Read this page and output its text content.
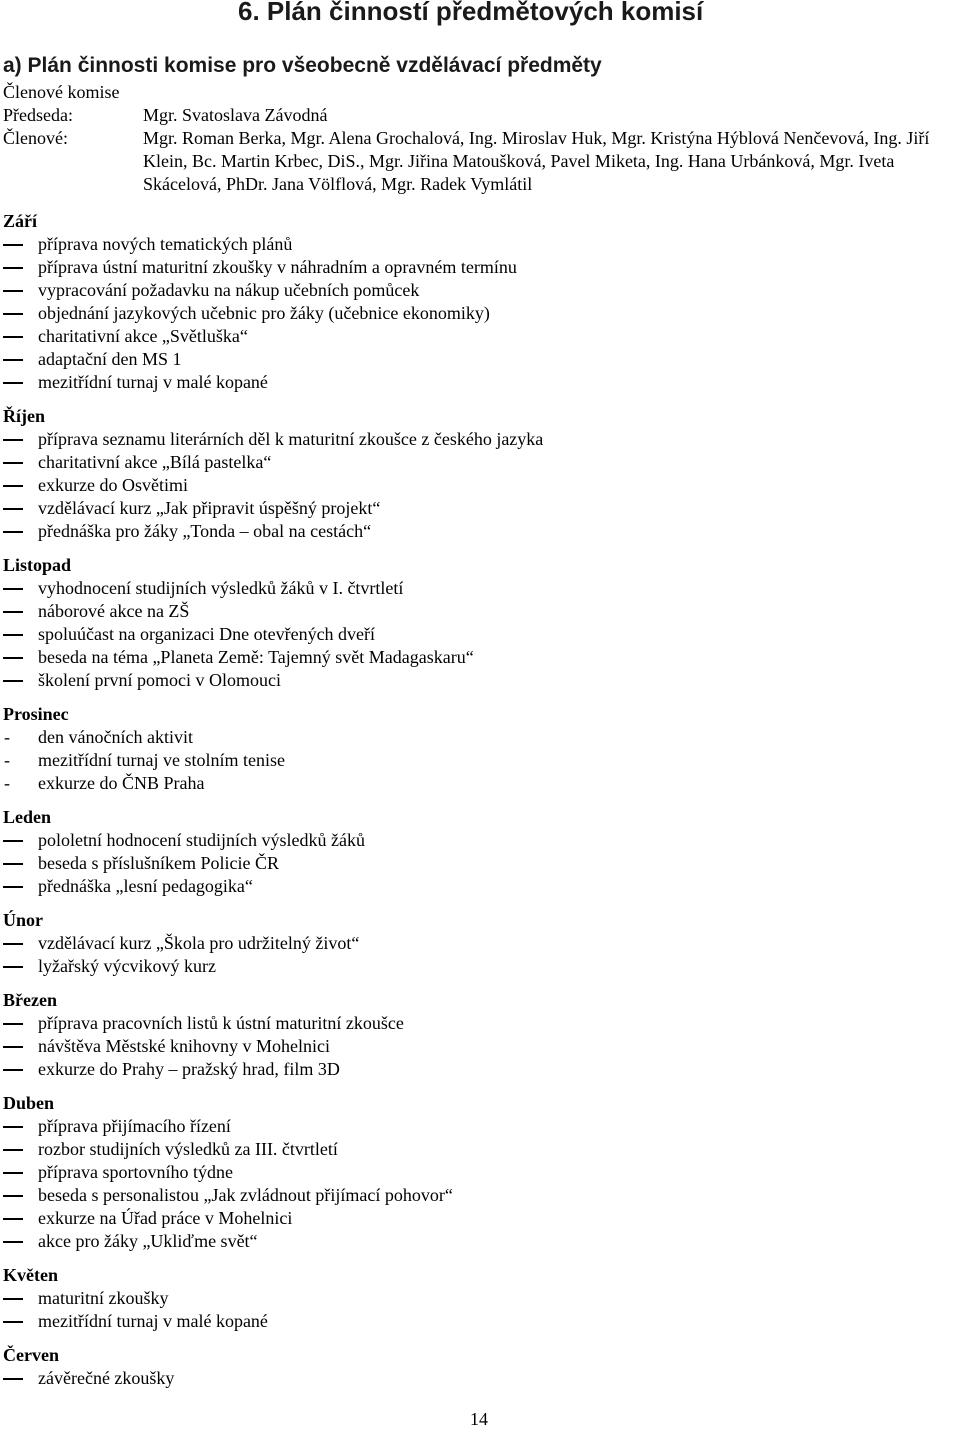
6. Plán činností předmětových komisí
a) Plán činnosti komise pro všeobecně vzdělávací předměty
Členové komise
Předseda:	Mgr. Svatoslava Závodná
Členové:	Mgr. Roman Berka, Mgr. Alena Grochalová, Ing. Miroslav Huk, Mgr. Kristýna Hýblová Nenčevová, Ing. Jiří Klein, Bc. Martin Krbec, DiS., Mgr. Jiřina Matoušková, Pavel Miketa, Ing. Hana Urbánková, Mgr. Iveta Skácelová, PhDr. Jana Völflová, Mgr. Radek Vymlátil
Září
příprava nových tematických plánů
příprava ústní maturitní zkoušky v náhradním a opravném termínu
vypracování požadavku na nákup učebních pomůcek
objednání jazykových učebnic pro žáky (učebnice ekonomiky)
charitativní akce „Světluška“
adaptační den MS 1
mezitřídní turnaj v malé kopané
Říjen
příprava seznamu literárních děl k maturitní zkoušce z českého jazyka
charitativní akce „Bílá pastelka“
exkurze do Osvětimi
vzdělávací kurz „Jak připravit úspěšný projekt“
přednáška pro žáky „Tonda – obal na cestách“
Listopad
vyhodnocení studijních výsledků žáků v I. čtvrtletí
náborové akce na ZŠ
spoluúčast na organizaci Dne otevřených dveří
beseda na téma „Planeta Země: Tajemný svět Madagaskaru“
školení první pomoci v Olomouci
Prosinec
- den vánočních aktivit
- mezitřídní turnaj ve stolním tenise
- exkurze do ČNB Praha
Leden
pololetní hodnocení studijních výsledků žáků
beseda s příslušníkem Policie ČR
přednáška „lesní pedagogika“
Únor
vzdělávací kurz „Škola pro udržitelný život“
lyžařský výcvikový kurz
Březen
příprava pracovních listů k ústní maturitní zkoušce
návštěva Městské knihovny v Mohelnici
exkurze do Prahy – pražský hrad, film 3D
Duben
příprava přijímacího řízení
rozbor studijních výsledků za III. čtvrtletí
příprava sportovního týdne
beseda s personalistou „Jak zvládnout přijímací pohovor“
exkurze na Úřad práce v Mohelnici
akce pro žáky „Ukliďme svět“
Květen
maturitní zkoušky
mezitřídní turnaj v malé kopané
Červen
závěrečné zkoušky
14
